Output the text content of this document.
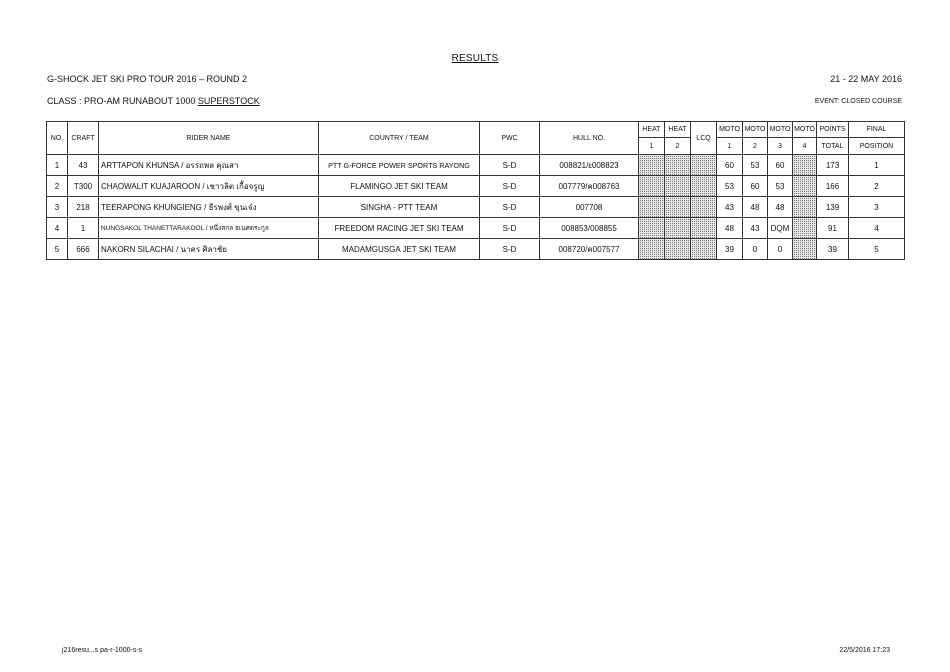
RESULTS
G-SHOCK JET SKI PRO TOUR 2016 – ROUND 2	21 - 22 MAY 2016
CLASS : PRO-AM RUNABOUT 1000 SUPERSTOCK	EVENT: CLOSED COURSE
NO.	CRAFT	RIDER NAME	COUNTRY / TEAM	PWC	HULL NO.	HEAT	HEAT	LCQ	MOTO	MOTO	MOTO	MOTO	POINTS	FINAL
						1	2		1	2	3	4	TOTAL	POSITION
1	43	ARTTAPON KHUNSA / อรรถพล คุณสา	PTT G-FORCE POWER SPORTS RAYONG	S-D	008821/ε008823				60	53	60		173	1
2	T300	CHAOWALIT KUAJAROON / เชาวลิต เกื้อจรูญ	FLAMINGO JET SKI TEAM	S-D	007779/ค008763				53	60	53		166	2
3	218	TEERAPONG KHUNGIENG / ธีรพงศ์ ขุนเจ๋ง	SINGHA - PTT TEAM	S-D	007708				43	48	48		139	3
4	1	NUNGSAKOL THANETTARAKOOL / หนึ่งสกล ธเนศตระกูล	FREEDOM RACING JET SKI TEAM	S-D	008853/008855				48	43	DQM		91	4
5	666	NAKORN SILACHAI / นาคร ศิลาชัย	MADAMGUSGA JET SKI TEAM	S-D	008720/ค007577				39	0	0		39	5
j216resu...s pa-r-1000-s-s	22/5/2016 17:23
